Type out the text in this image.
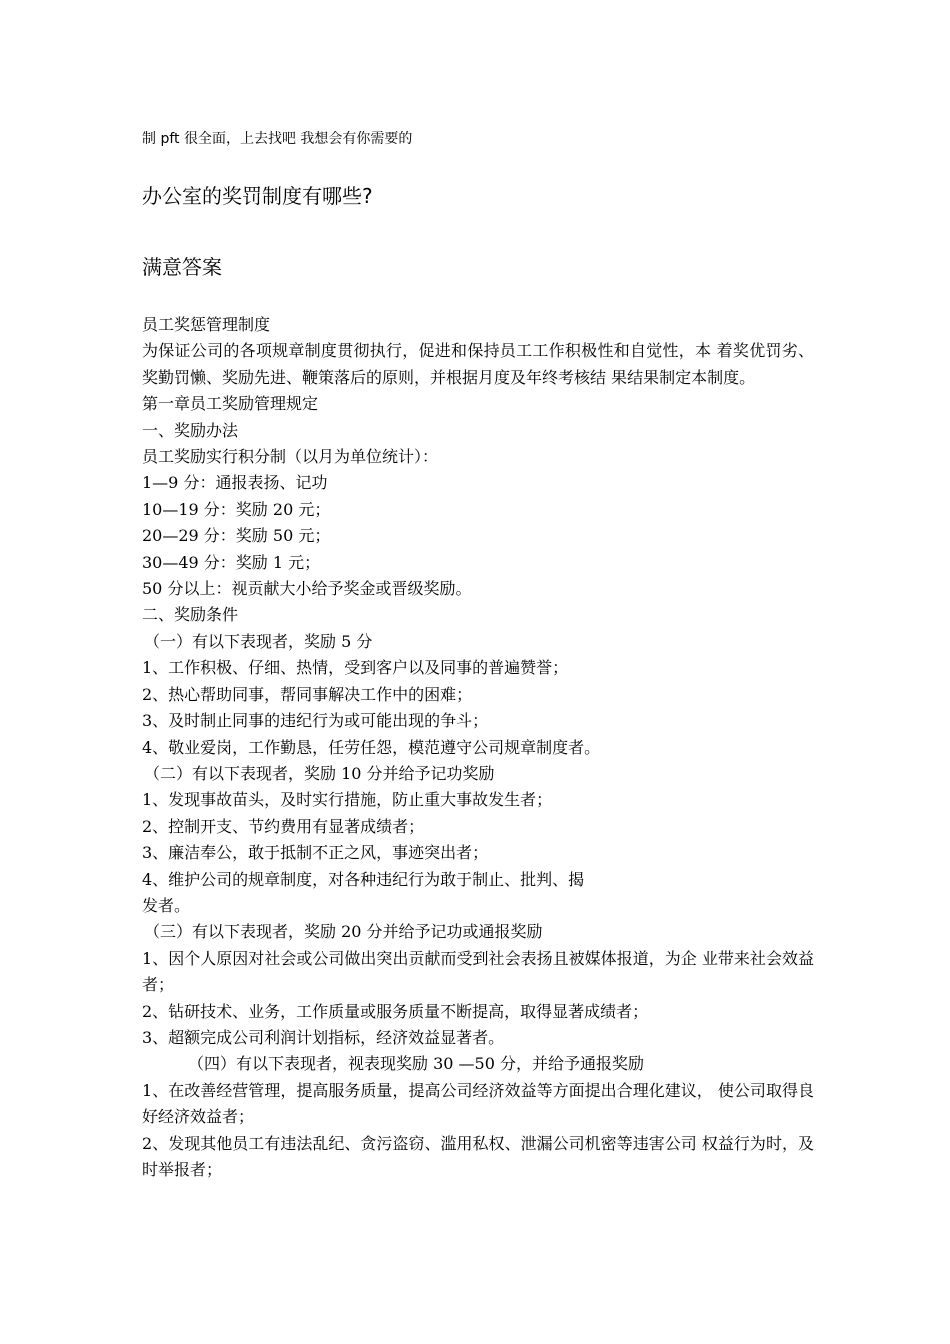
制 pft 很全面，上去找吧 我想会有你需要的
办公室的奖罚制度有哪些?
满意答案
员工奖惩管理制度
为保证公司的各项规章制度贯彻执行，促进和保持员工工作积极性和自觉性，本 着奖优罚劣、奖勤罚懒、奖励先进、鞭策落后的原则，并根据月度及年终考核结 果结果制定本制度。
第一章员工奖励管理规定
一、奖励办法
员工奖励实行积分制（以月为单位统计）：
1—9 分：通报表扬、记功
10—19 分：奖励 20 元；
20—29 分：奖励 50 元；
30—49 分：奖励 1 元；
50 分以上：视贡献大小给予奖金或晋级奖励。
二、奖励条件
（一）有以下表现者，奖励 5 分
1、工作积极、仔细、热情，受到客户以及同事的普遍赞誉；
2、热心帮助同事，帮同事解决工作中的困难；
3、及时制止同事的违纪行为或可能出现的争斗；
4、敬业爱岗，工作勤恳，任劳任怨，模范遵守公司规章制度者。
（二）有以下表现者，奖励 10 分并给予记功奖励
1、发现事故苗头，及时实行措施，防止重大事故发生者；
2、控制开支、节约费用有显著成绩者；
3、廉洁奉公，敢于抵制不正之风，事迹突出者；
4、维护公司的规章制度，对各种违纪行为敢于制止、批判、揭
发者。
（三）有以下表现者，奖励 20 分并给予记功或通报奖励
1、因个人原因对社会或公司做出突出贡献而受到社会表扬且被媒体报道，为企 业带来社会效益者；
2、钻研技术、业务，工作质量或服务质量不断提高，取得显著成绩者；
3、超额完成公司利润计划指标，经济效益显著者。
（四）有以下表现者，视表现奖励 30 —50 分，并给予通报奖励
1、在改善经营管理，提高服务质量，提高公司经济效益等方面提出合理化建议， 使公司取得良好经济效益者；
2、发现其他员工有违法乱纪、贪污盗窃、滥用私权、泄漏公司机密等违害公司 权益行为时，及时举报者；
